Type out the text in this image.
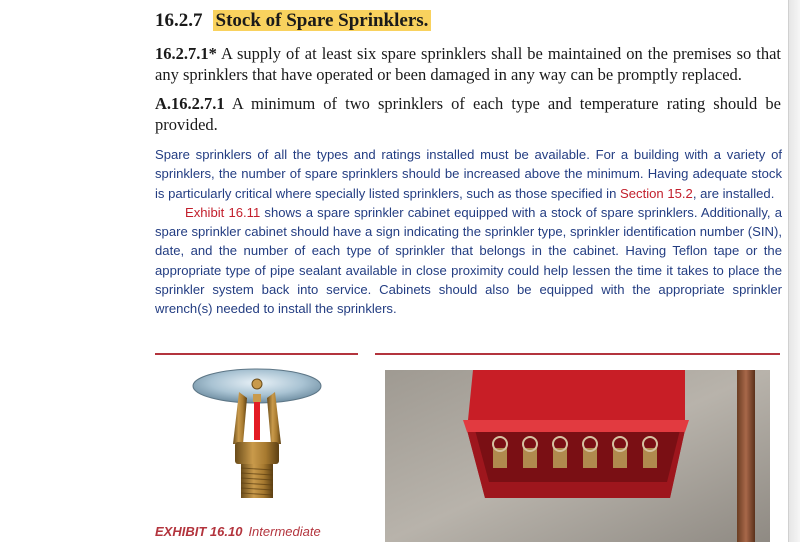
16.2.7 Stock of Spare Sprinklers.
16.2.7.1* A supply of at least six spare sprinklers shall be maintained on the premises so that any sprinklers that have operated or been damaged in any way can be promptly replaced.
A.16.2.7.1 A minimum of two sprinklers of each type and temperature rating should be provided.

Spare sprinklers of all the types and ratings installed must be available. For a building with a variety of sprinklers, the number of spare sprinklers should be increased above the minimum. Having adequate stock is particularly critical where specially listed sprinklers, such as those specified in Section 15.2, are installed.

Exhibit 16.11 shows a spare sprinkler cabinet equipped with a stock of spare sprinklers. Additionally, a spare sprinkler cabinet should have a sign indicating the sprinkler type, sprinkler identification number (SIN), date, and the number of each type of sprinkler that belongs in the cabinet. Having Teflon tape or the appropriate type of pipe sealant available in close proximity could help lessen the time it takes to place the sprinkler system back into service. Cabinets should also be equipped with the appropriate sprinkler wrench(s) needed to install the sprinklers.

EXHIBIT 16.10 Intermediate
